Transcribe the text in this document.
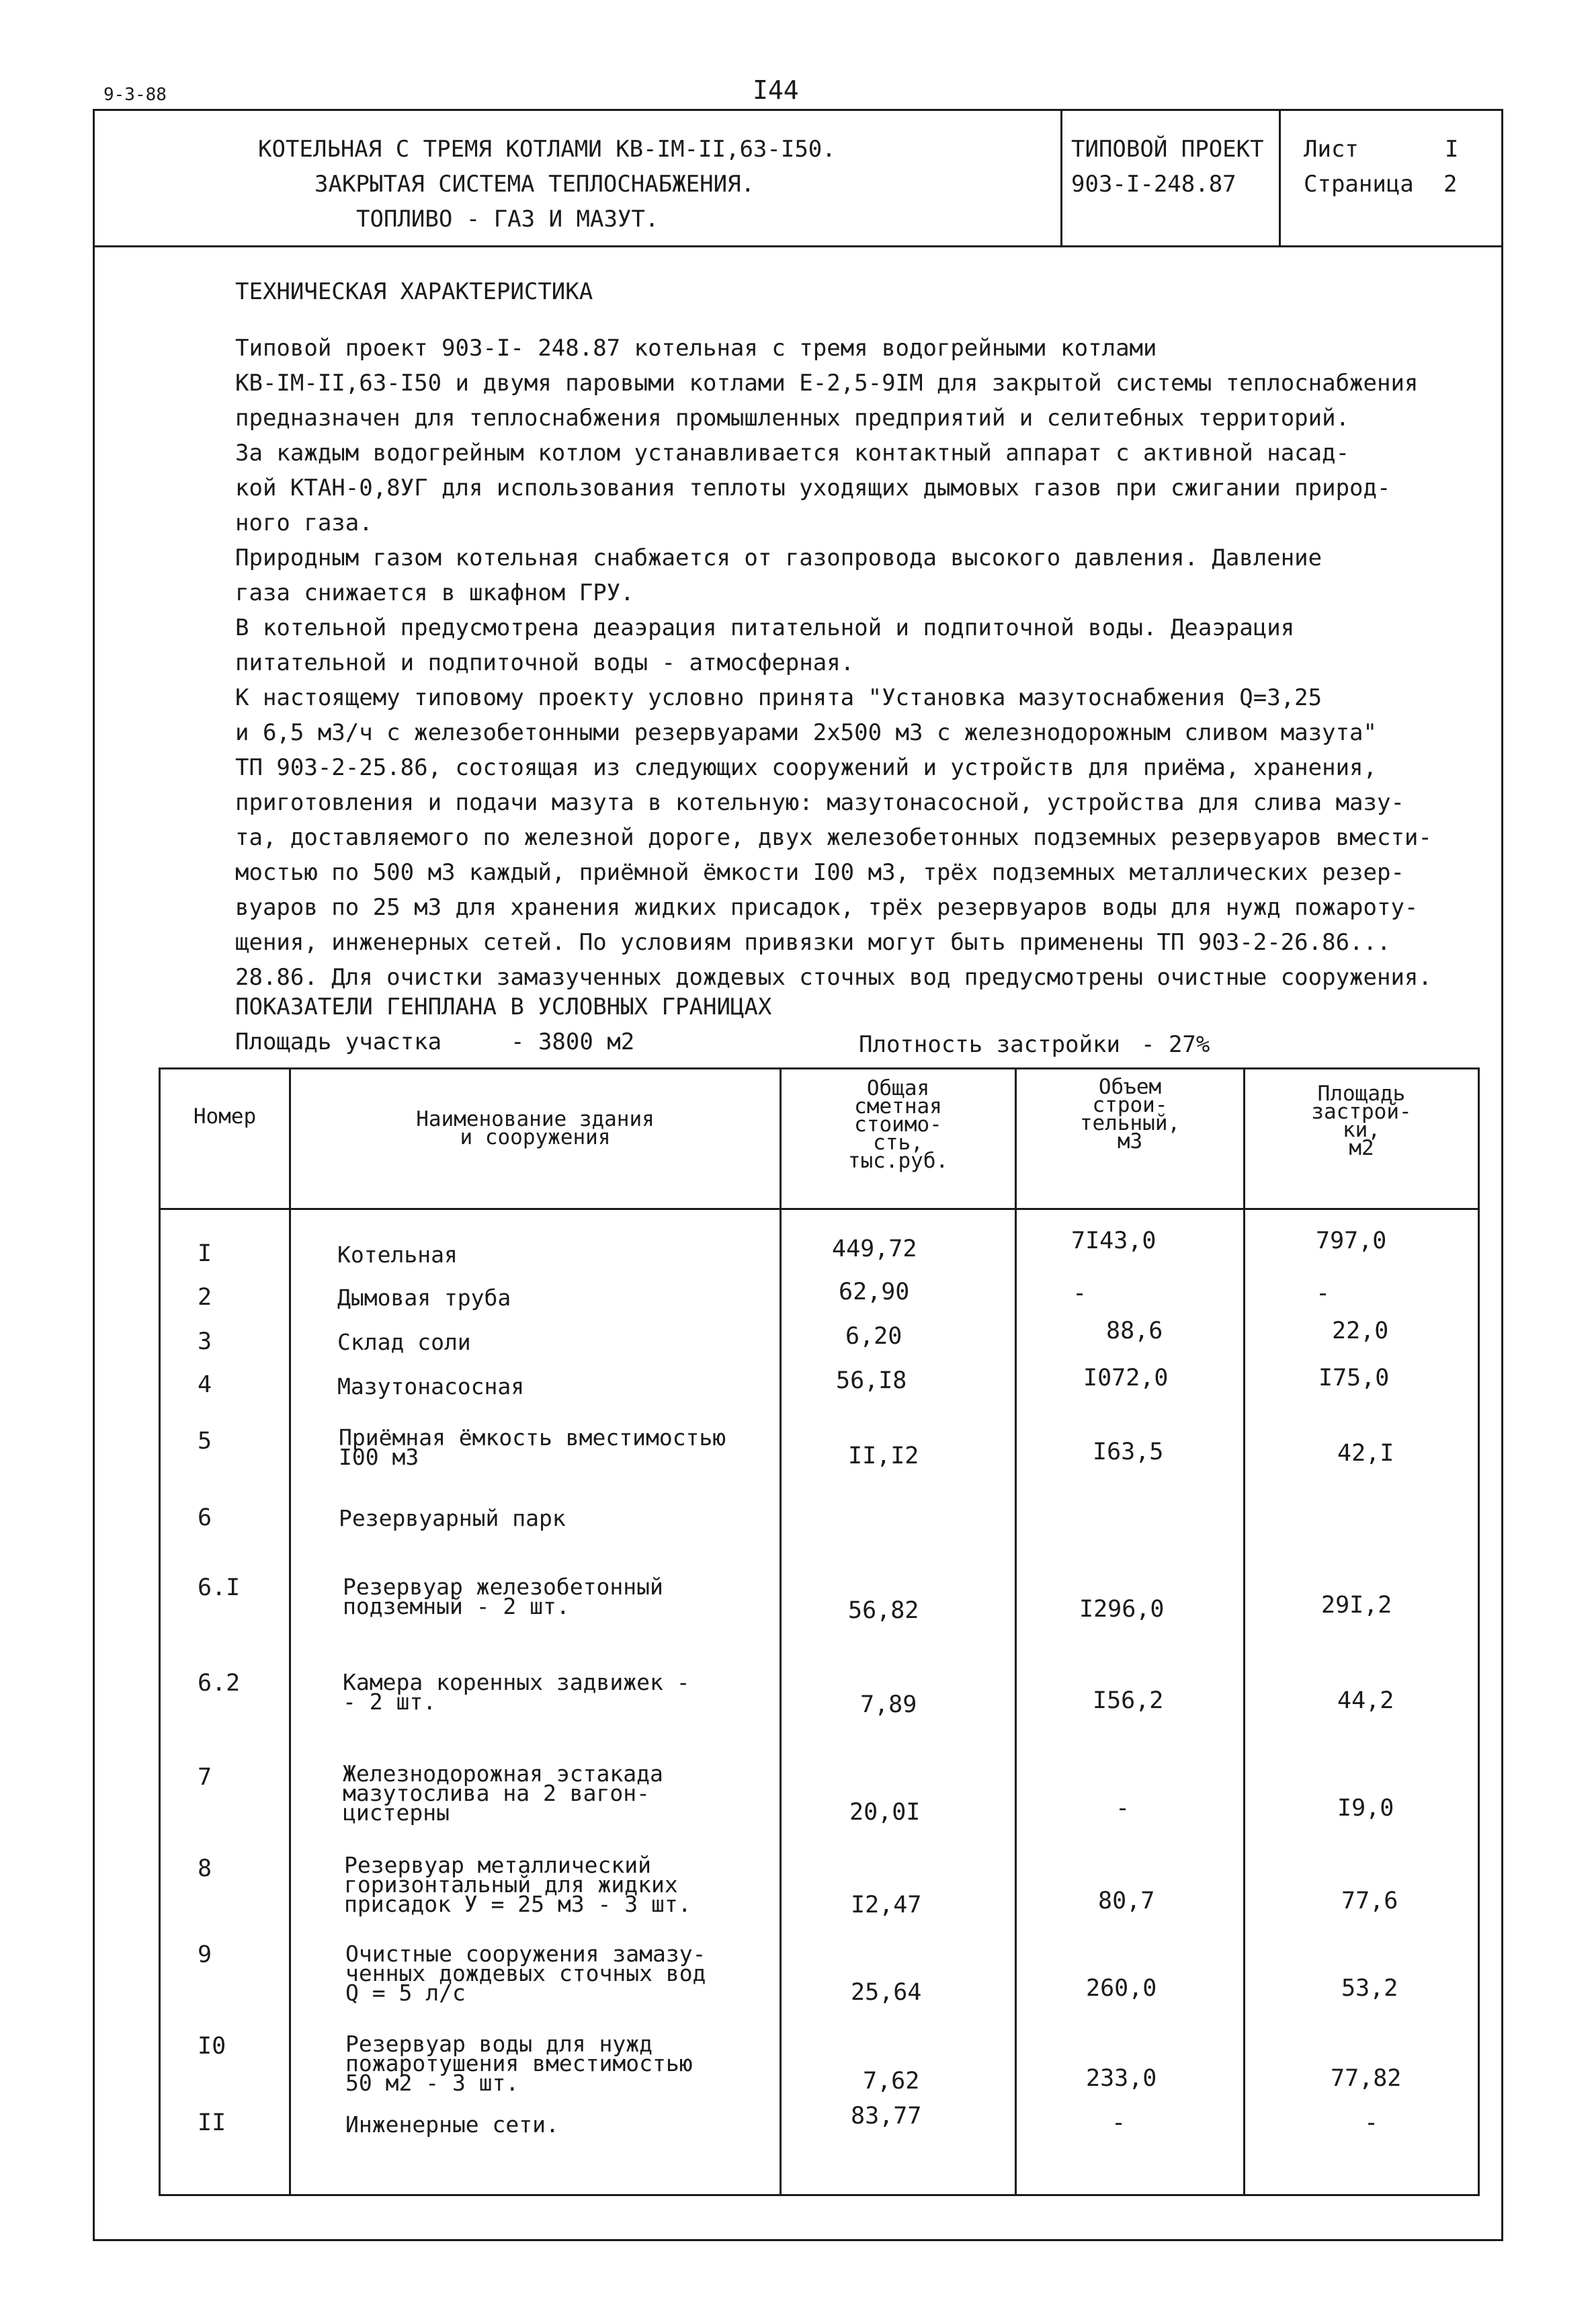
9-3-88	I44
КОТЕЛЬНАЯ С ТРЕМЯ КОТЛАМИ КВ-IМ-II,63-I50.
ЗАКРЫТАЯ СИСТЕМА ТЕПЛОСНАБЖЕНИЯ.
ТОПЛИВО - ГАЗ И МАЗУТ.
ТИПОВОЙ ПРОЕКТ
903-I-248.87
Лист	I
Страница 2
ТЕХНИЧЕСКАЯ ХАРАКТЕРИСТИКА
Типовой проект 903-I- 248.87 котельная с тремя водогрейными котлами
КВ-IМ-II,63-I50 и двумя паровыми котлами Е-2,5-9IМ для закрытой системы теплоснабжения
предназначен для теплоснабжения промышленных предприятий и селитебных территорий.
За каждым водогрейным котлом устанавливается контактный аппарат с активной насад-
кой КТАН-0,8УГ для использования теплоты уходящих дымовых газов при сжигании природ-
ного газа.
Природным газом котельная снабжается от газопровода высокого давления. Давление
газа снижается в шкафном ГРУ.
В котельной предусмотрена деаэрация питательной и подпиточной воды. Деаэрация
питательной и подпиточной воды - атмосферная.
К настоящему типовому проекту условно принята "Установка мазутоснабжения Q=3,25
и 6,5 м3/ч с железобетонными резервуарами 2х500 м3 с железнодорожным сливом мазута"
ТП 903-2-25.86, состоящая из следующих сооружений и устройств для приёма, хранения,
приготовления и подачи мазута в котельную: мазутонасосной, устройства для слива мазу-
та, доставляемого по железной дороге, двух железобетонных подземных резервуаров вмести-
мостью по 500 м3 каждый, приёмной ёмкости I00 м3, трёх подземных металлических резер-
вуаров по 25 м3 для хранения жидких присадок, трёх резервуаров воды для нужд пожароту-
щения, инженерных сетей. По условиям привязки могут быть применены ТП 903-2-26.86...
28.86. Для очистки замазученных дождевых сточных вод предусмотрены очистные сооружения.
ПОКАЗАТЕЛИ ГЕНПЛАНА В УСЛОВНЫХ ГРАНИЦАХ
Площадь участка	- 3800 м2	Плотность застройки - 27%
Номер	Наименование здания
и сооружения
Общая
сметная
стоимо-
сть,
тыс.руб.
Объем
строи-
тельный,
м3
Площадь
застрой-
ки,
м2
I	Котельная	449,72	7I43,0	797,0
2	Дымовая труба	62,90	-	-
3	Склад соли	6,20	88,6	22,0
4	Мазутонасосная	56,I8	I072,0	I75,0
5	Приёмная ёмкость вместимостью
I00 м3	II,I2	I63,5	42,I
6	Резервуарный парк
6.I	Резервуар железобетонный
подземный - 2 шт.	56,82	I296,0	29I,2
6.2	Камера коренных задвижек -
- 2 шт.	7,89	I56,2	44,2
7	Железнодорожная эстакада
мазутослива на 2 вагон-
цистерны	20,0I	-	I9,0
8	Резервуар металлический
горизонтальный для жидких
присадок У = 25 м3 - 3 шт.	I2,47	80,7	77,6
9	Очистные сооружения замазу-
ченных дождевых сточных вод
Q = 5 л/с	25,64	260,0	53,2
I0	Резервуар воды для нужд
пожаротушения вместимостью
50 м2 - 3 шт.	7,62	233,0	77,82
II	Инженерные сети.	83,77	-	-
